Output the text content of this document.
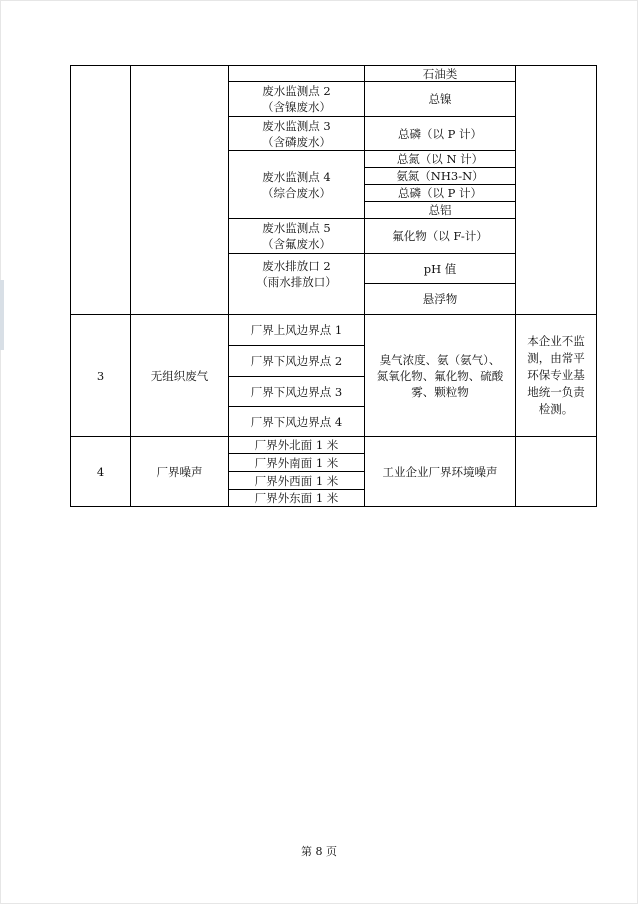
石油类
废水监测点 2
（含镍废水）
总镍
废水监测点 3
（含磷废水）
总磷（以 P 计）
废水监测点 4
（综合废水）
总氮（以 N 计）
氨氮（NH3-N）
总磷（以 P 计）
总铝
废水监测点 5
（含氟废水）
氟化物（以 F-计）
废水排放口 2
（雨水排放口）
pH 值
悬浮物
3	无组织废气
厂界上风边界点 1
厂界下风边界点 2
厂界下风边界点 3
厂界下风边界点 4
臭气浓度、氨（氨气）、
氮氧化物、氟化物、硫酸
雾、颗粒物
本企业不监
测，由常平
环保专业基
地统一负责
检测。
4	厂界噪声
厂界外北面 1 米
厂界外南面 1 米
厂界外西面 1 米
厂界外东面 1 米
工业企业厂界环境噪声
第 8 页
